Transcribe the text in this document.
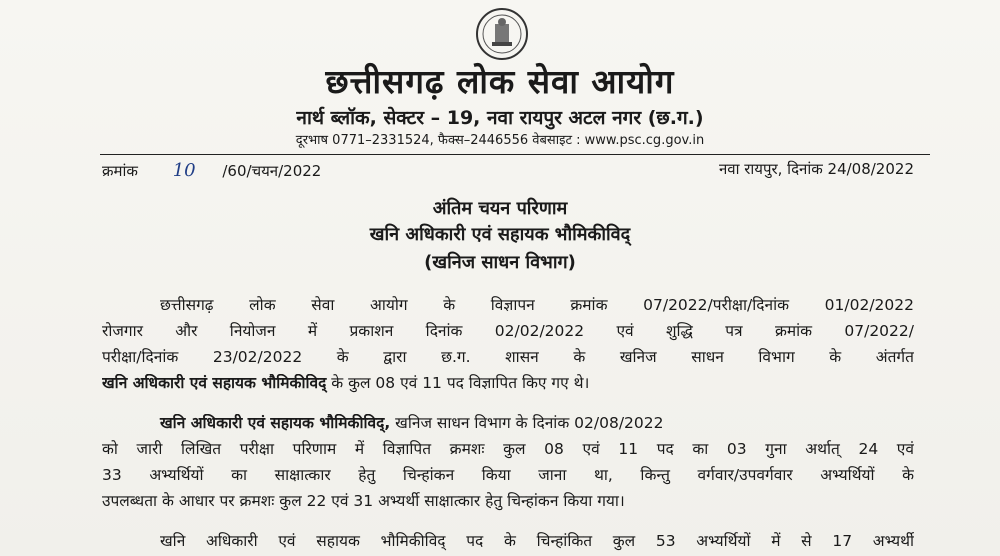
छत्तीसगढ़ लोक सेवा आयोग
नार्थ ब्लॉक, सेक्टर – 19, नवा रायपुर अटल नगर (छ.ग.)
दूरभाष 0771–2331524, फैक्स–2446556 वेबसाइट : www.psc.cg.gov.in
क्रमांक 10 /60/चयन/2022	नवा रायपुर, दिनांक 24/08/2022
अंतिम चयन परिणाम
खनि अधिकारी एवं सहायक भौमिकीविद्
(खनिज साधन विभाग)
छत्तीसगढ़ लोक सेवा आयोग के विज्ञापन क्रमांक 07/2022/परीक्षा/दिनांक 01/02/2022
रोजगार और नियोजन में प्रकाशन दिनांक 02/02/2022 एवं शुद्धि पत्र क्रमांक 07/2022/
परीक्षा/दिनांक 23/02/2022 के द्वारा छ.ग. शासन के खनिज साधन विभाग के अंतर्गत
खनि अधिकारी एवं सहायक भौमिकीविद् के कुल 08 एवं 11 पद विज्ञापित किए गए थे।
खनि अधिकारी एवं सहायक भौमिकीविद्, खनिज साधन विभाग के दिनांक 02/08/2022
को जारी लिखित परीक्षा परिणाम में विज्ञापित क्रमशः कुल 08 एवं 11 पद का 03 गुना अर्थात् 24 एवं
33 अभ्यर्थियों का साक्षात्कार हेतु चिन्हांकन किया जाना था, किन्तु वर्गवार/उपवर्गवार अभ्यर्थियों के
उपलब्धता के आधार पर क्रमशः कुल 22 एवं 31 अभ्यर्थी साक्षात्कार हेतु चिन्हांकन किया गया।
खनि अधिकारी एवं सहायक भौमिकीविद् पद के चिन्हांकित कुल 53 अभ्यर्थियों में से 17 अभ्यर्थी
